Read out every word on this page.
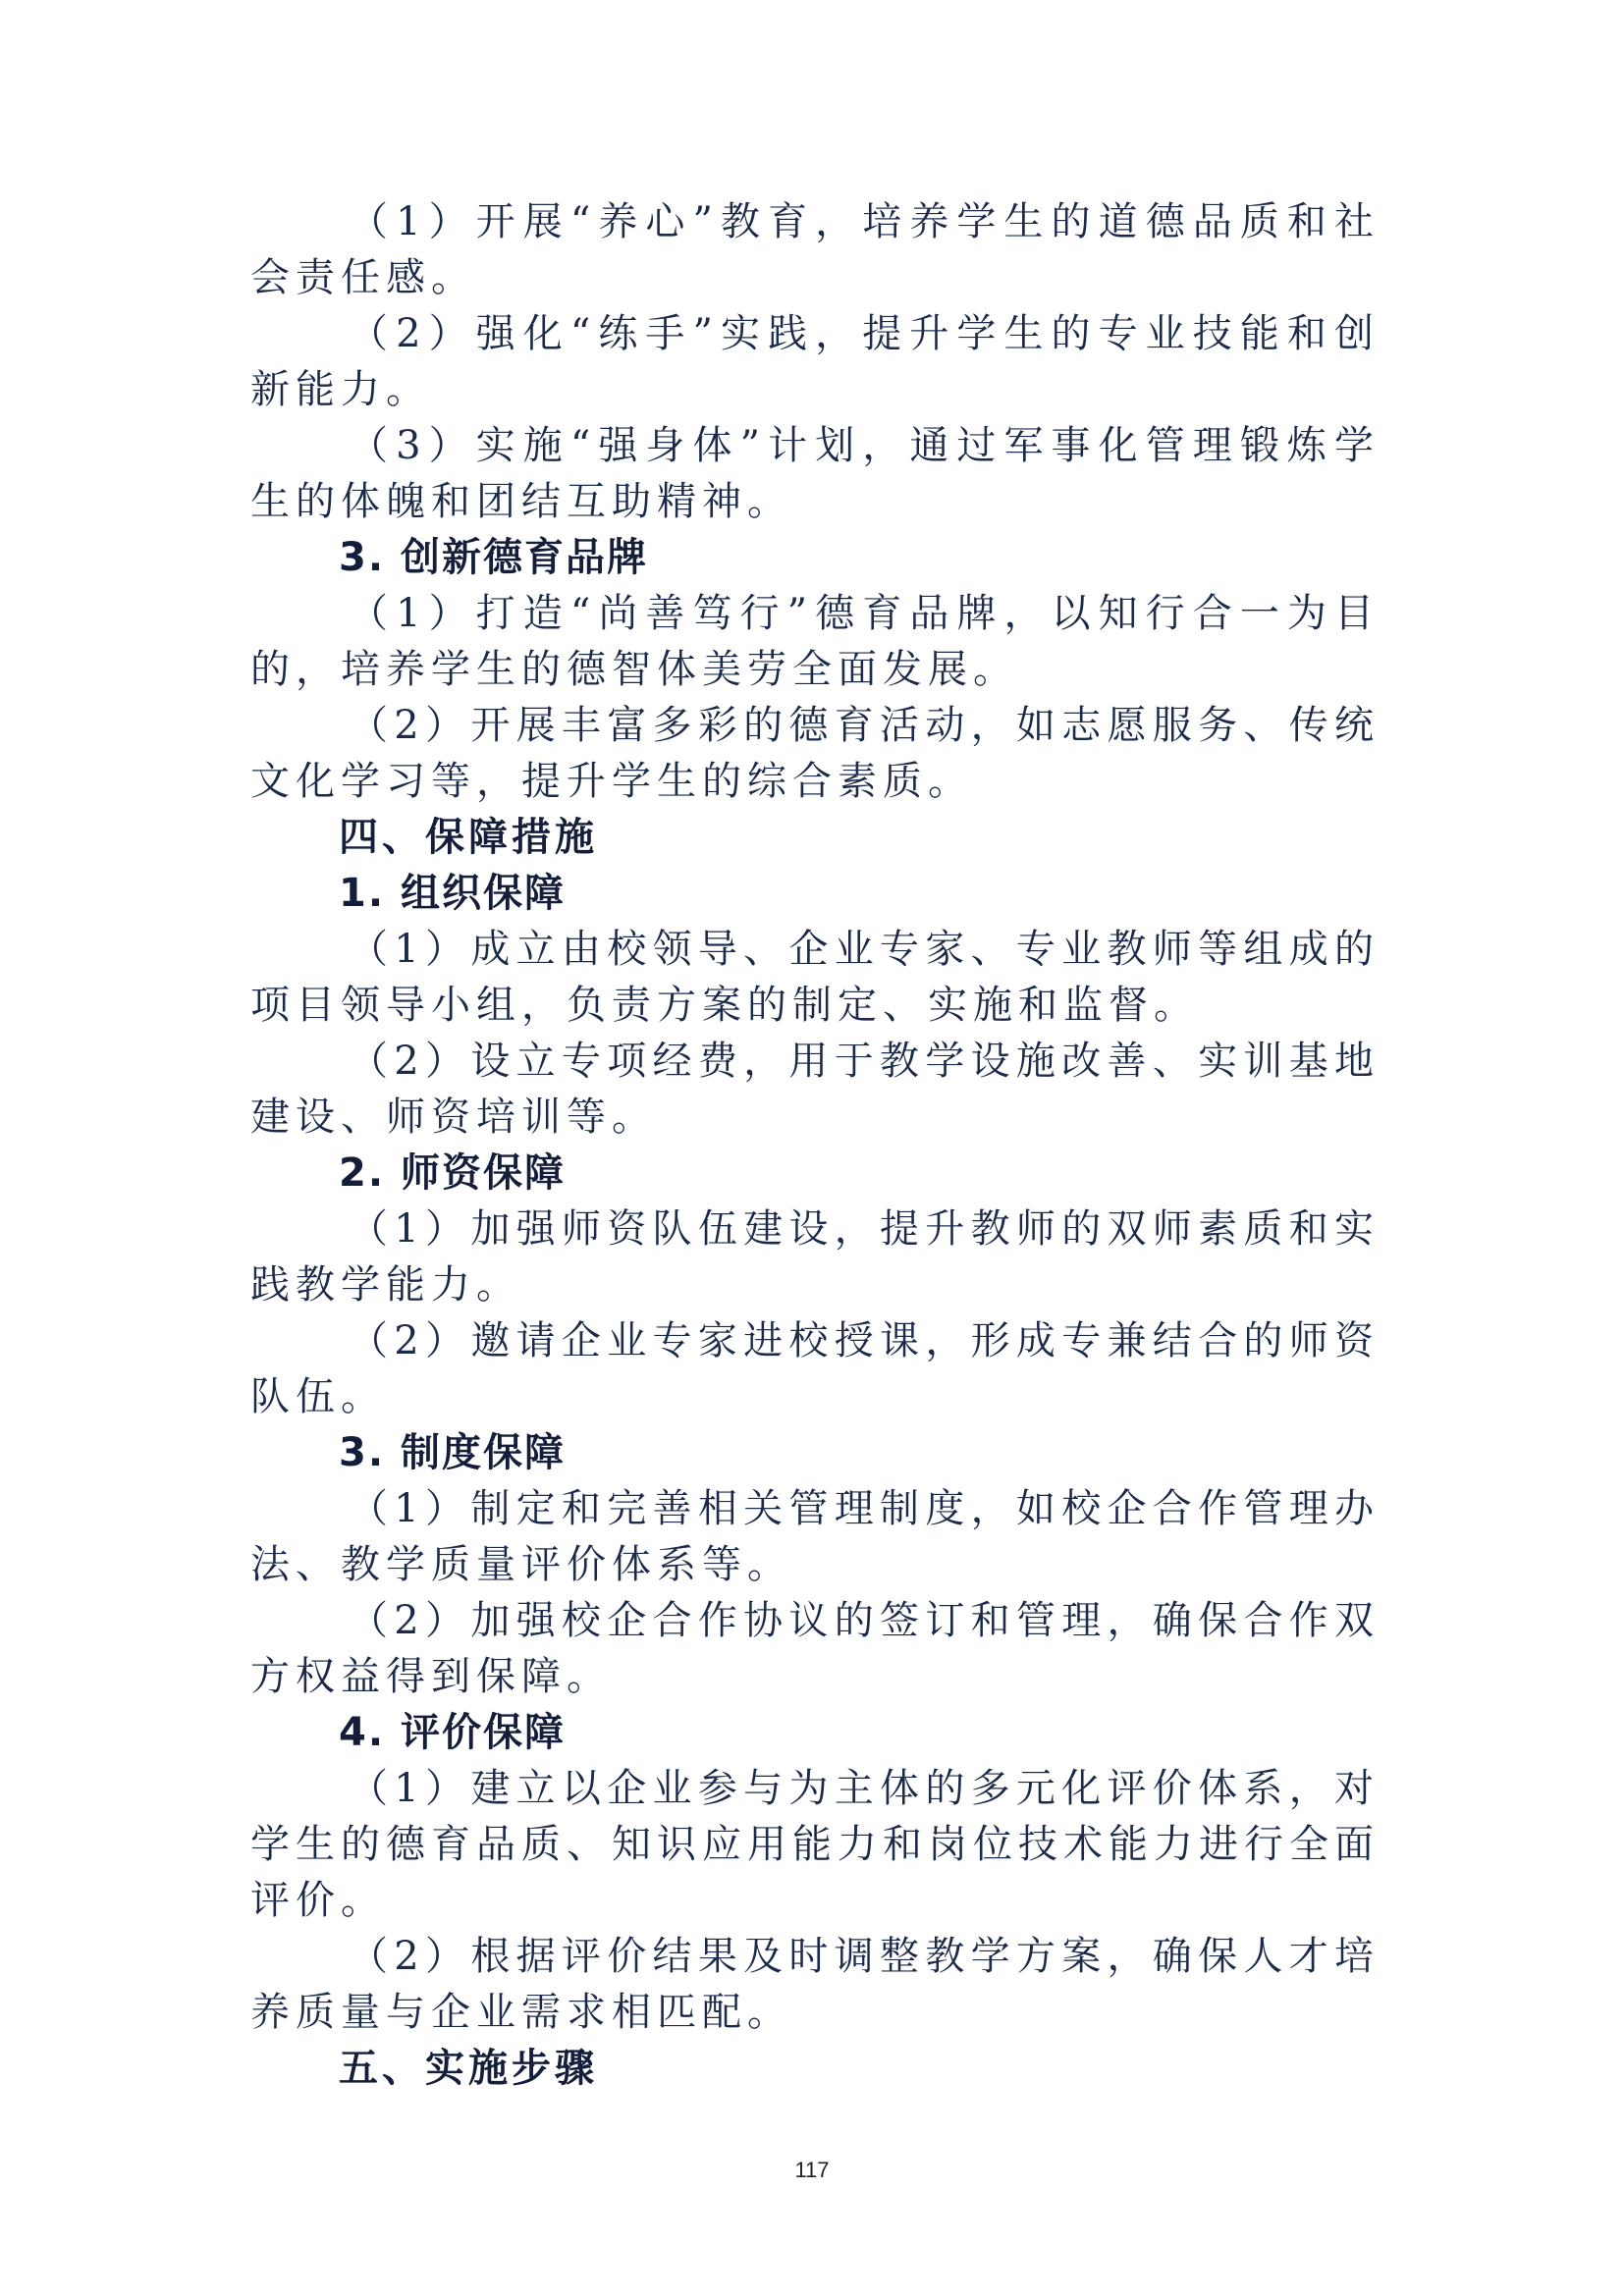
（1）开展“养心”教育，培养学生的道德品质和社会责任感。

（2）强化“练手”实践，提升学生的专业技能和创新能力。

（3）实施“强身体”计划，通过军事化管理锻炼学生的体魄和团结互助精神。

3. 创新德育品牌

（1）打造“尚善笃行”德育品牌，以知行合一为目的，培养学生的德智体美劳全面发展。

（2）开展丰富多彩的德育活动，如志愿服务、传统文化学习等，提升学生的综合素质。

四、保障措施

1. 组织保障

（1）成立由校领导、企业专家、专业教师等组成的项目领导小组，负责方案的制定、实施和监督。

（2）设立专项经费，用于教学设施改善、实训基地建设、师资培训等。

2. 师资保障

（1）加强师资队伍建设，提升教师的双师素质和实践教学能力。

（2）邀请企业专家进校授课，形成专兼结合的师资队伍。

3. 制度保障

（1）制定和完善相关管理制度，如校企合作管理办法、教学质量评价体系等。

（2）加强校企合作协议的签订和管理，确保合作双方权益得到保障。

4. 评价保障

（1）建立以企业参与为主体的多元化评价体系，对学生的德育品质、知识应用能力和岗位技术能力进行全面评价。

（2）根据评价结果及时调整教学方案，确保人才培养质量与企业需求相匹配。

五、实施步骤

117
